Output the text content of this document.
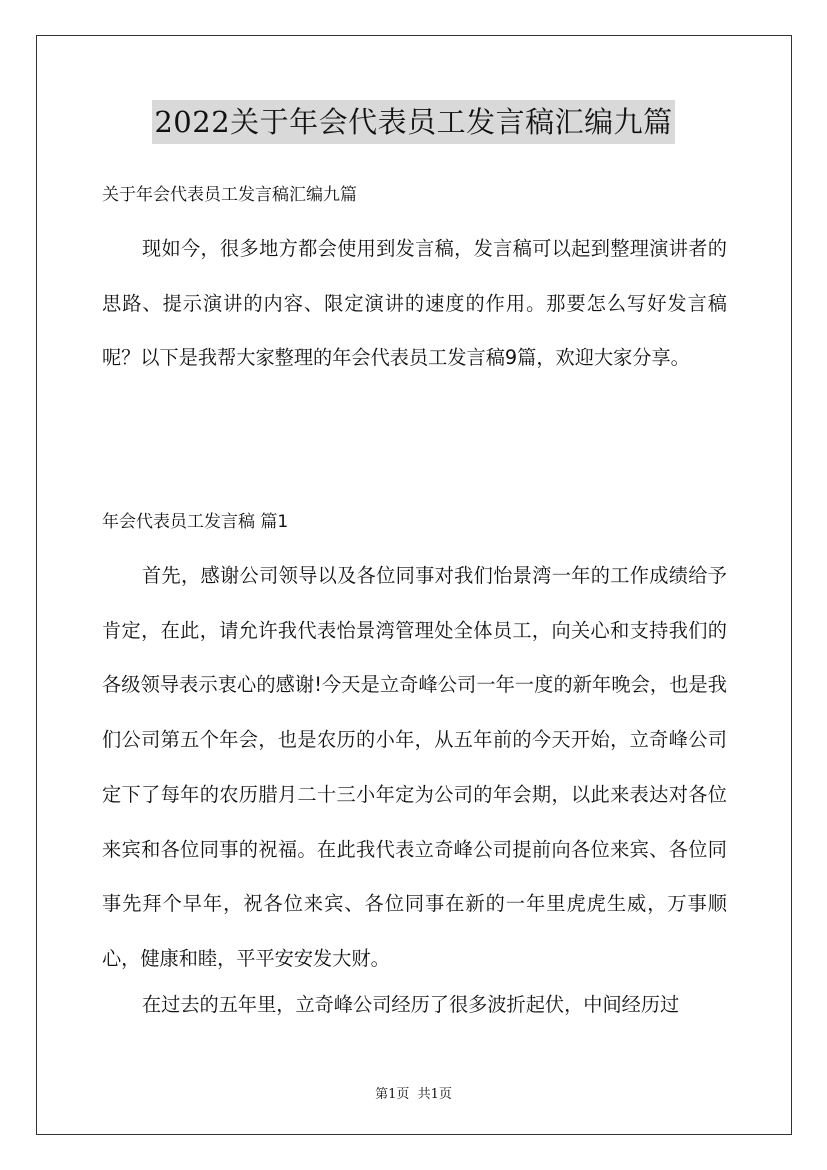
2022关于年会代表员工发言稿汇编九篇
关于年会代表员工发言稿汇编九篇

现如今，很多地方都会使用到发言稿，发言稿可以起到整理演讲者的思路、提示演讲的内容、限定演讲的速度的作用。那要怎么写好发言稿呢？以下是我帮大家整理的年会代表员工发言稿9篇，欢迎大家分享。

年会代表员工发言稿 篇1

首先，感谢公司领导以及各位同事对我们怡景湾一年的工作成绩给予肯定，在此，请允许我代表怡景湾管理处全体员工，向关心和支持我们的各级领导表示衷心的感谢!今天是立奇峰公司一年一度的新年晚会，也是我们公司第五个年会，也是农历的小年，从五年前的今天开始，立奇峰公司定下了每年的农历腊月二十三小年定为公司的年会期，以此来表达对各位来宾和各位同事的祝福。在此我代表立奇峰公司提前向各位来宾、各位同事先拜个早年，祝各位来宾、各位同事在新的一年里虎虎生威，万事顺心，健康和睦，平平安安发大财。

在过去的五年里，立奇峰公司经历了很多波折起伏，中间经历过

第1页  共1页
